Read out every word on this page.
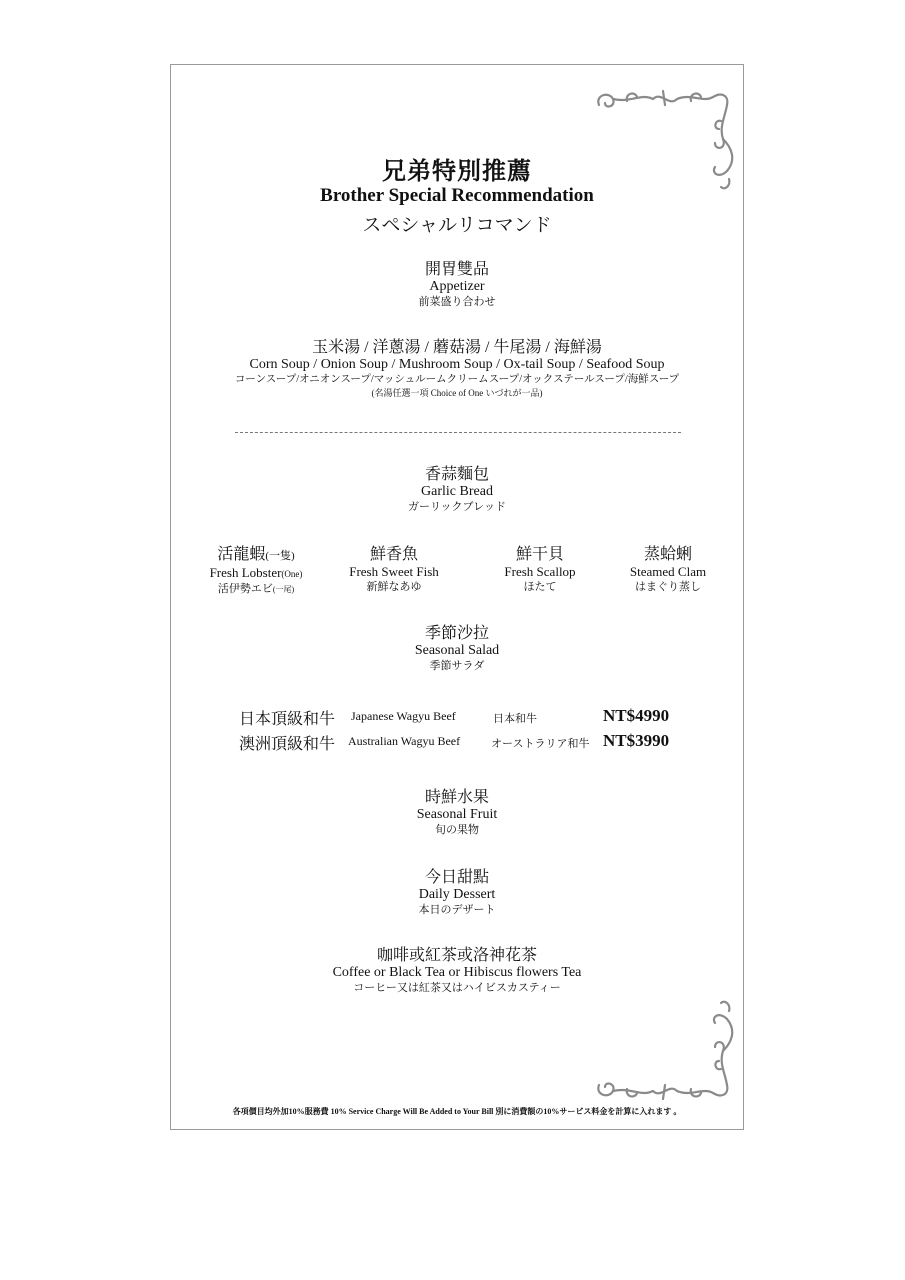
兄弟特別推薦
Brother Special Recommendation
スペシャルリコマンド
開胃雙品
Appetizer
前菜盛り合わせ
玉米湯 / 洋蔥湯 / 蘑菇湯 / 牛尾湯 / 海鮮湯
Corn Soup / Onion Soup / Mushroom Soup / Ox-tail Soup / Seafood Soup
コーンスープ/オニオンスープ/マッシュルームクリームスープ/オックステールスープ/海鮮スープ
(名湯任選一項 Choice of One いづれが一品)
香蒜麵包
Garlic Bread
ガーリックブレッド
活龍蝦(一隻)
Fresh Lobster(One)
活伊勢エビ(一尾)
鮮香魚
Fresh Sweet Fish
新鮮なあゆ
鮮干貝
Fresh Scallop
ほたて
蒸蛤蜊
Steamed Clam
はまぐり蒸し
季節沙拉
Seasonal Salad
季節サラダ
日本頂級和牛 Japanese Wagyu Beef	日本和牛	NT$4990
澳洲頂級和牛 Australian Wagyu Beef	オーストラリア和牛 NT$3990
時鮮水果
Seasonal Fruit
旬の果物
今日甜點
Daily Dessert
本日のデザート
咖啡或紅茶或洛神花茶
Coffee or Black Tea or Hibiscus flowers Tea
コーヒー又は紅茶又はハイビスカスティー
各項價目均外加10%服務費 10% Service Charge Will Be Added to Your Bill 別に消費額の10%サービス料金を計算に入れます 。
